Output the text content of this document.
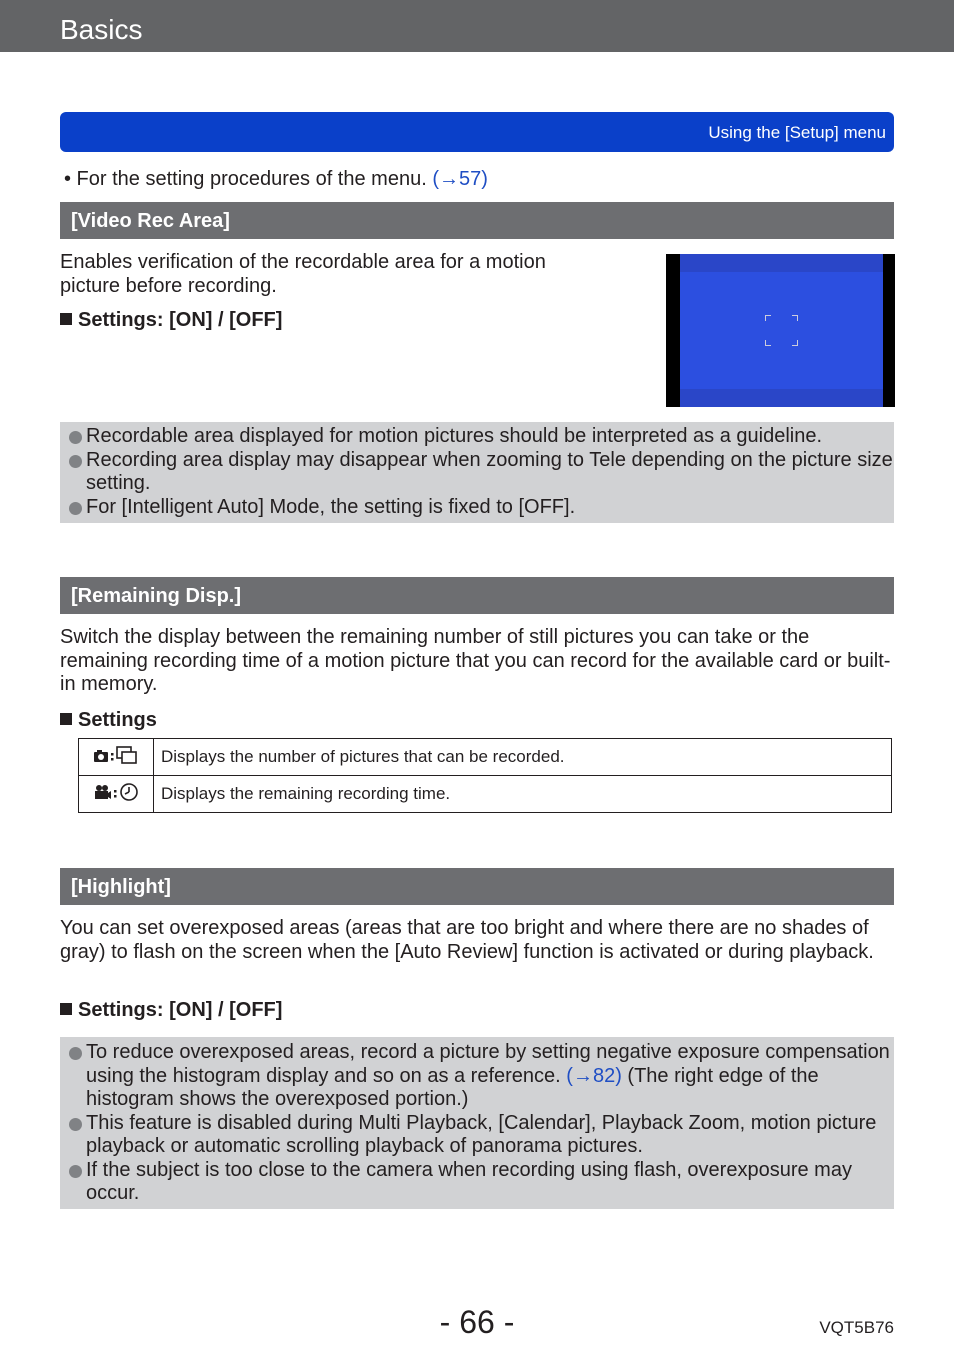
Basics
Using the [Setup] menu
• For the setting procedures of the menu. (→57)
[Video Rec Area]
Enables verification of the recordable area for a motion picture before recording.
Settings: [ON] / [OFF]
Recordable area displayed for motion pictures should be interpreted as a guideline.
Recording area display may disappear when zooming to Tele depending on the picture size setting.
For [Intelligent Auto] Mode, the setting is fixed to [OFF].
[Remaining Disp.]
Switch the display between the remaining number of still pictures you can take or the remaining recording time of a motion picture that you can record for the available card or built-in memory.
Settings
	Displays the number of pictures that can be recorded.
	Displays the remaining recording time.
[Highlight]
You can set overexposed areas (areas that are too bright and where there are no shades of gray) to flash on the screen when the [Auto Review] function is activated or during playback.
Settings: [ON] / [OFF]
To reduce overexposed areas, record a picture by setting negative exposure compensation using the histogram display and so on as a reference. (→82) (The right edge of the histogram shows the overexposed portion.)
This feature is disabled during Multi Playback, [Calendar], Playback Zoom, motion picture playback or automatic scrolling playback of panorama pictures.
If the subject is too close to the camera when recording using flash, overexposure may occur.
- 66 -	VQT5B76
